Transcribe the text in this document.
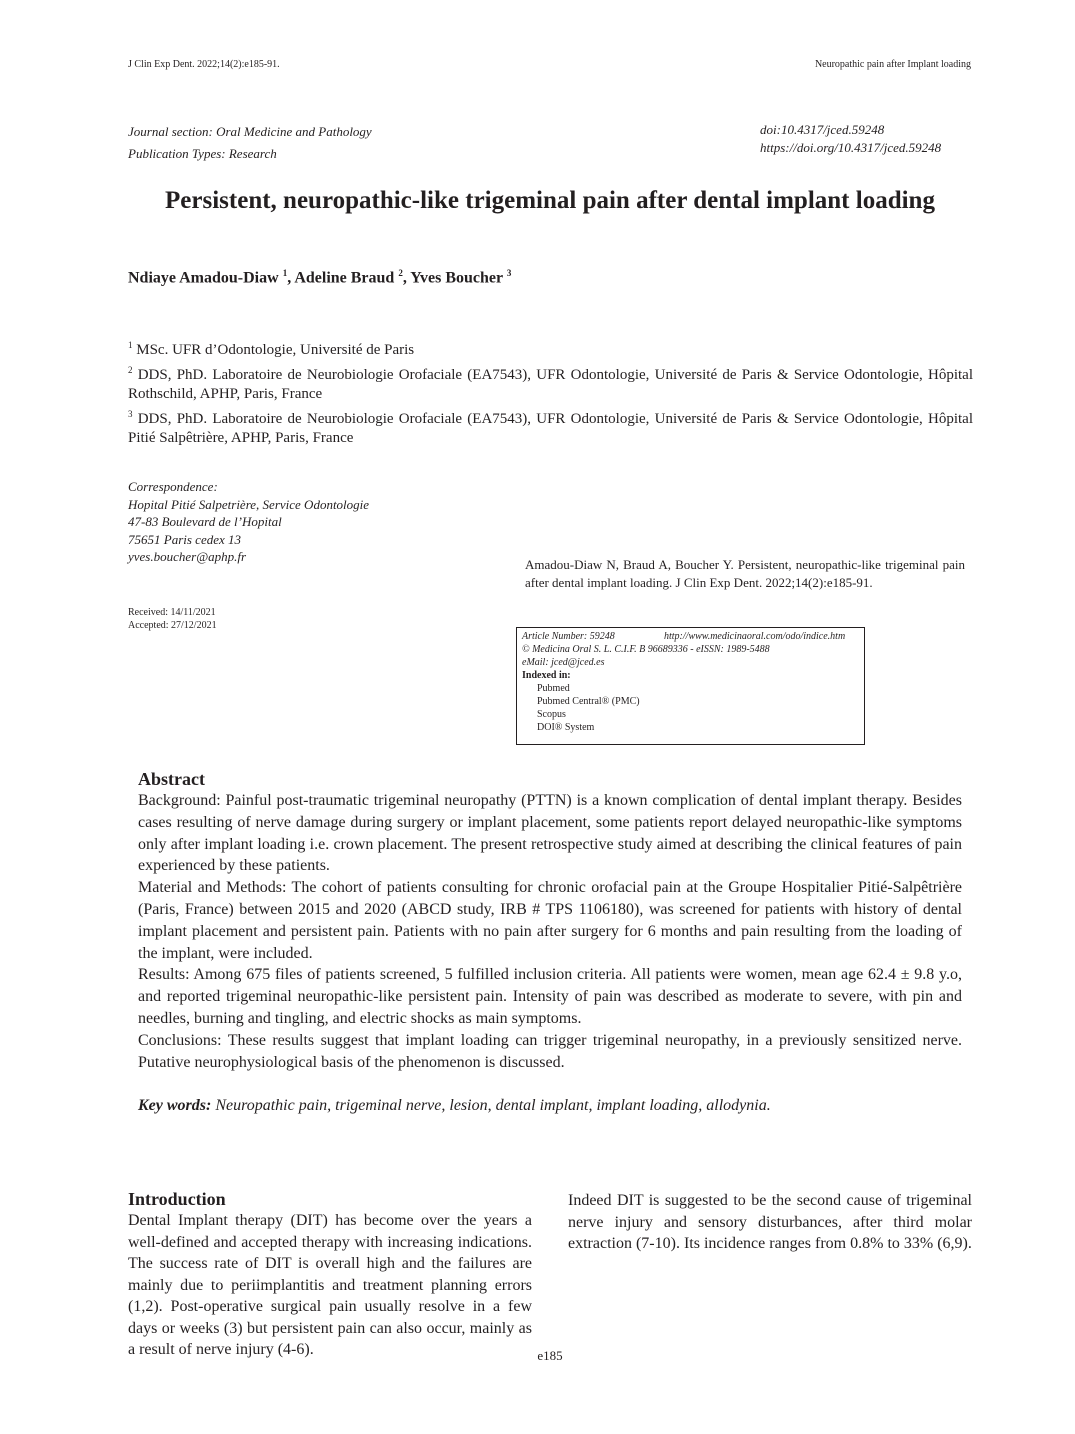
J Clin Exp Dent. 2022;14(2):e185-91.	Neuropathic pain after Implant loading
Journal section: Oral Medicine and Pathology
Publication Types: Research
doi:10.4317/jced.59248
https://doi.org/10.4317/jced.59248
Persistent, neuropathic-like trigeminal pain after dental implant loading
Ndiaye Amadou-Diaw $^1$, Adeline Braud $^2$, Yves Boucher $^3$
$^1$ MSc. UFR d’Odontologie, Université de Paris
$^2$ DDS, PhD. Laboratoire de Neurobiologie Orofaciale (EA7543), UFR Odontologie, Université de Paris & Service Odontologie, Hôpital Rothschild, APHP, Paris, France
$^3$ DDS, PhD. Laboratoire de Neurobiologie Orofaciale (EA7543), UFR Odontologie, Université de Paris & Service Odontologie, Hôpital Pitié Salpêtrière, APHP, Paris, France
Correspondence:
Hopital Pitié Salpetrière, Service Odontologie
47-83 Boulevard de l’Hopital
75651 Paris cedex 13
yves.boucher@aphp.fr
Received: 14/11/2021
Accepted: 27/12/2021
Amadou-Diaw N, Braud A, Boucher Y. Persistent, neuropathic-like trigeminal pain after dental implant loading. J Clin Exp Dent. 2022;14(2):e185-91.
Article Number: 59248	http://www.medicinaoral.com/odo/indice.htm
© Medicina Oral S. L. C.I.F. B 96689336 - eISSN: 1989-5488
eMail: jced@jced.es
Indexed in:
Pubmed
Pubmed Central® (PMC)
Scopus
DOI® System
Abstract

Background: Painful post-traumatic trigeminal neuropathy (PTTN) is a known complication of dental implant therapy. Besides cases resulting of nerve damage during surgery or implant placement, some patients report delayed neuropathic-like symptoms only after implant loading i.e. crown placement. The present retrospective study aimed at describing the clinical features of pain experienced by these patients.

Material and Methods: The cohort of patients consulting for chronic orofacial pain at the Groupe Hospitalier Pitié-Salpêtrière (Paris, France) between 2015 and 2020 (ABCD study, IRB # TPS 1106180), was screened for patients with history of dental implant placement and persistent pain. Patients with no pain after surgery for 6 months and pain resulting from the loading of the implant, were included.

Results: Among 675 files of patients screened, 5 fulfilled inclusion criteria. All patients were women, mean age 62.4 ± 9.8 y.o, and reported trigeminal neuropathic-like persistent pain. Intensity of pain was described as moderate to severe, with pin and needles, burning and tingling, and electric shocks as main symptoms.

Conclusions: These results suggest that implant loading can trigger trigeminal neuropathy, in a previously sensitized nerve. Putative neurophysiological basis of the phenomenon is discussed.

Key words: Neuropathic pain, trigeminal nerve, lesion, dental implant, implant loading, allodynia.
Introduction

Dental Implant therapy (DIT) has become over the years a well-defined and accepted therapy with increasing indications. The success rate of DIT is overall high and the failures are mainly due to periimplantitis and treatment planning errors (1,2). Post-operative surgical pain usually resolve in a few days or weeks (3) but persistent pain can also occur, mainly as a result of nerve injury (4-6).

Indeed DIT is suggested to be the second cause of trigeminal nerve injury and sensory disturbances, after third molar extraction (7-10). Its incidence ranges from 0.8% to 33% (6,9).

e185
